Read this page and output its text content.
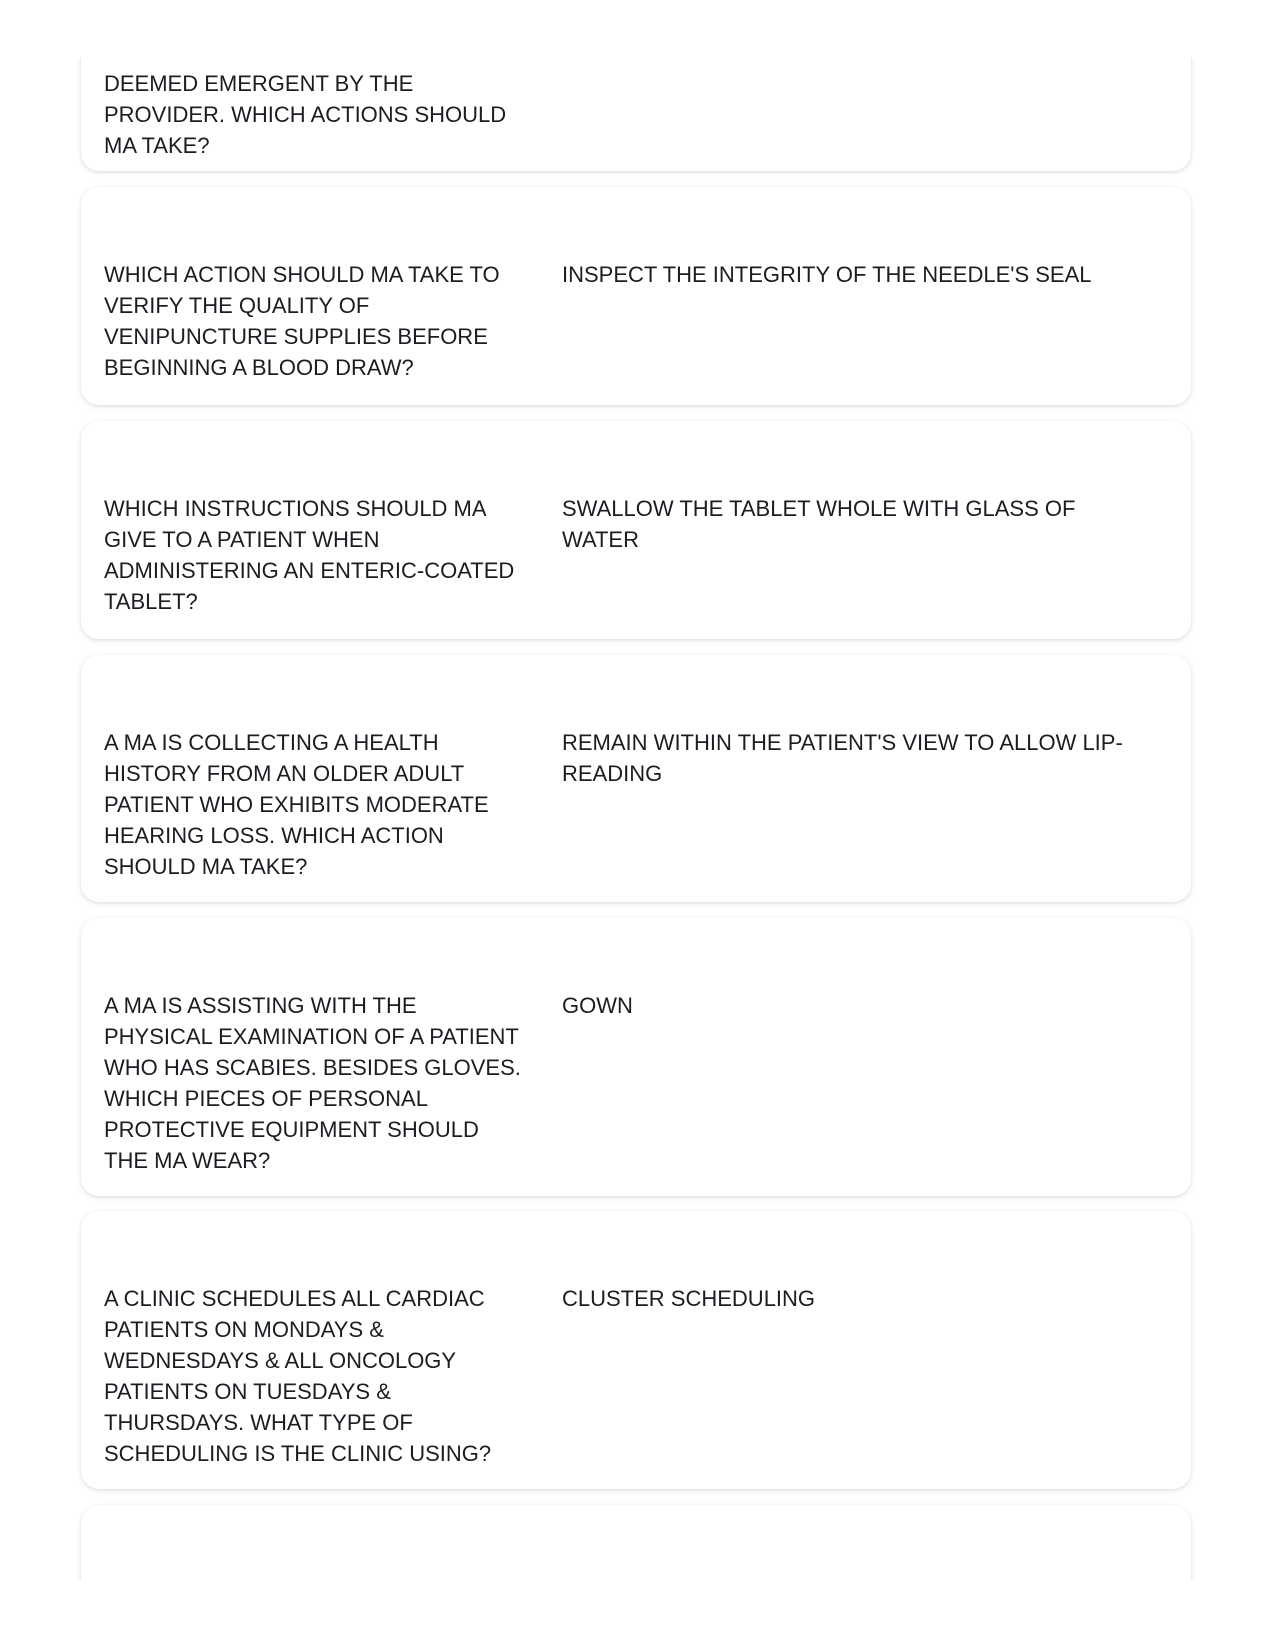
DEEMED EMERGENT BY THE PROVIDER. WHICH ACTIONS SHOULD MA TAKE?

WHICH ACTION SHOULD MA TAKE TO VERIFY THE QUALITY OF VENIPUNCTURE SUPPLIES BEFORE BEGINNING A BLOOD DRAW?

INSPECT THE INTEGRITY OF THE NEEDLE'S SEAL

WHICH INSTRUCTIONS SHOULD MA GIVE TO A PATIENT WHEN ADMINISTERING AN ENTERIC-COATED TABLET?

SWALLOW THE TABLET WHOLE WITH GLASS OF WATER

A MA IS COLLECTING A HEALTH HISTORY FROM AN OLDER ADULT PATIENT WHO EXHIBITS MODERATE HEARING LOSS. WHICH ACTION SHOULD MA TAKE?

REMAIN WITHIN THE PATIENT'S VIEW TO ALLOW LIP-READING

A MA IS ASSISTING WITH THE PHYSICAL EXAMINATION OF A PATIENT WHO HAS SCABIES. BESIDES GLOVES. WHICH PIECES OF PERSONAL PROTECTIVE EQUIPMENT SHOULD THE MA WEAR?

GOWN

A CLINIC SCHEDULES ALL CARDIAC PATIENTS ON MONDAYS & WEDNESDAYS & ALL ONCOLOGY PATIENTS ON TUESDAYS & THURSDAYS. WHAT TYPE OF SCHEDULING IS THE CLINIC USING?

CLUSTER SCHEDULING
